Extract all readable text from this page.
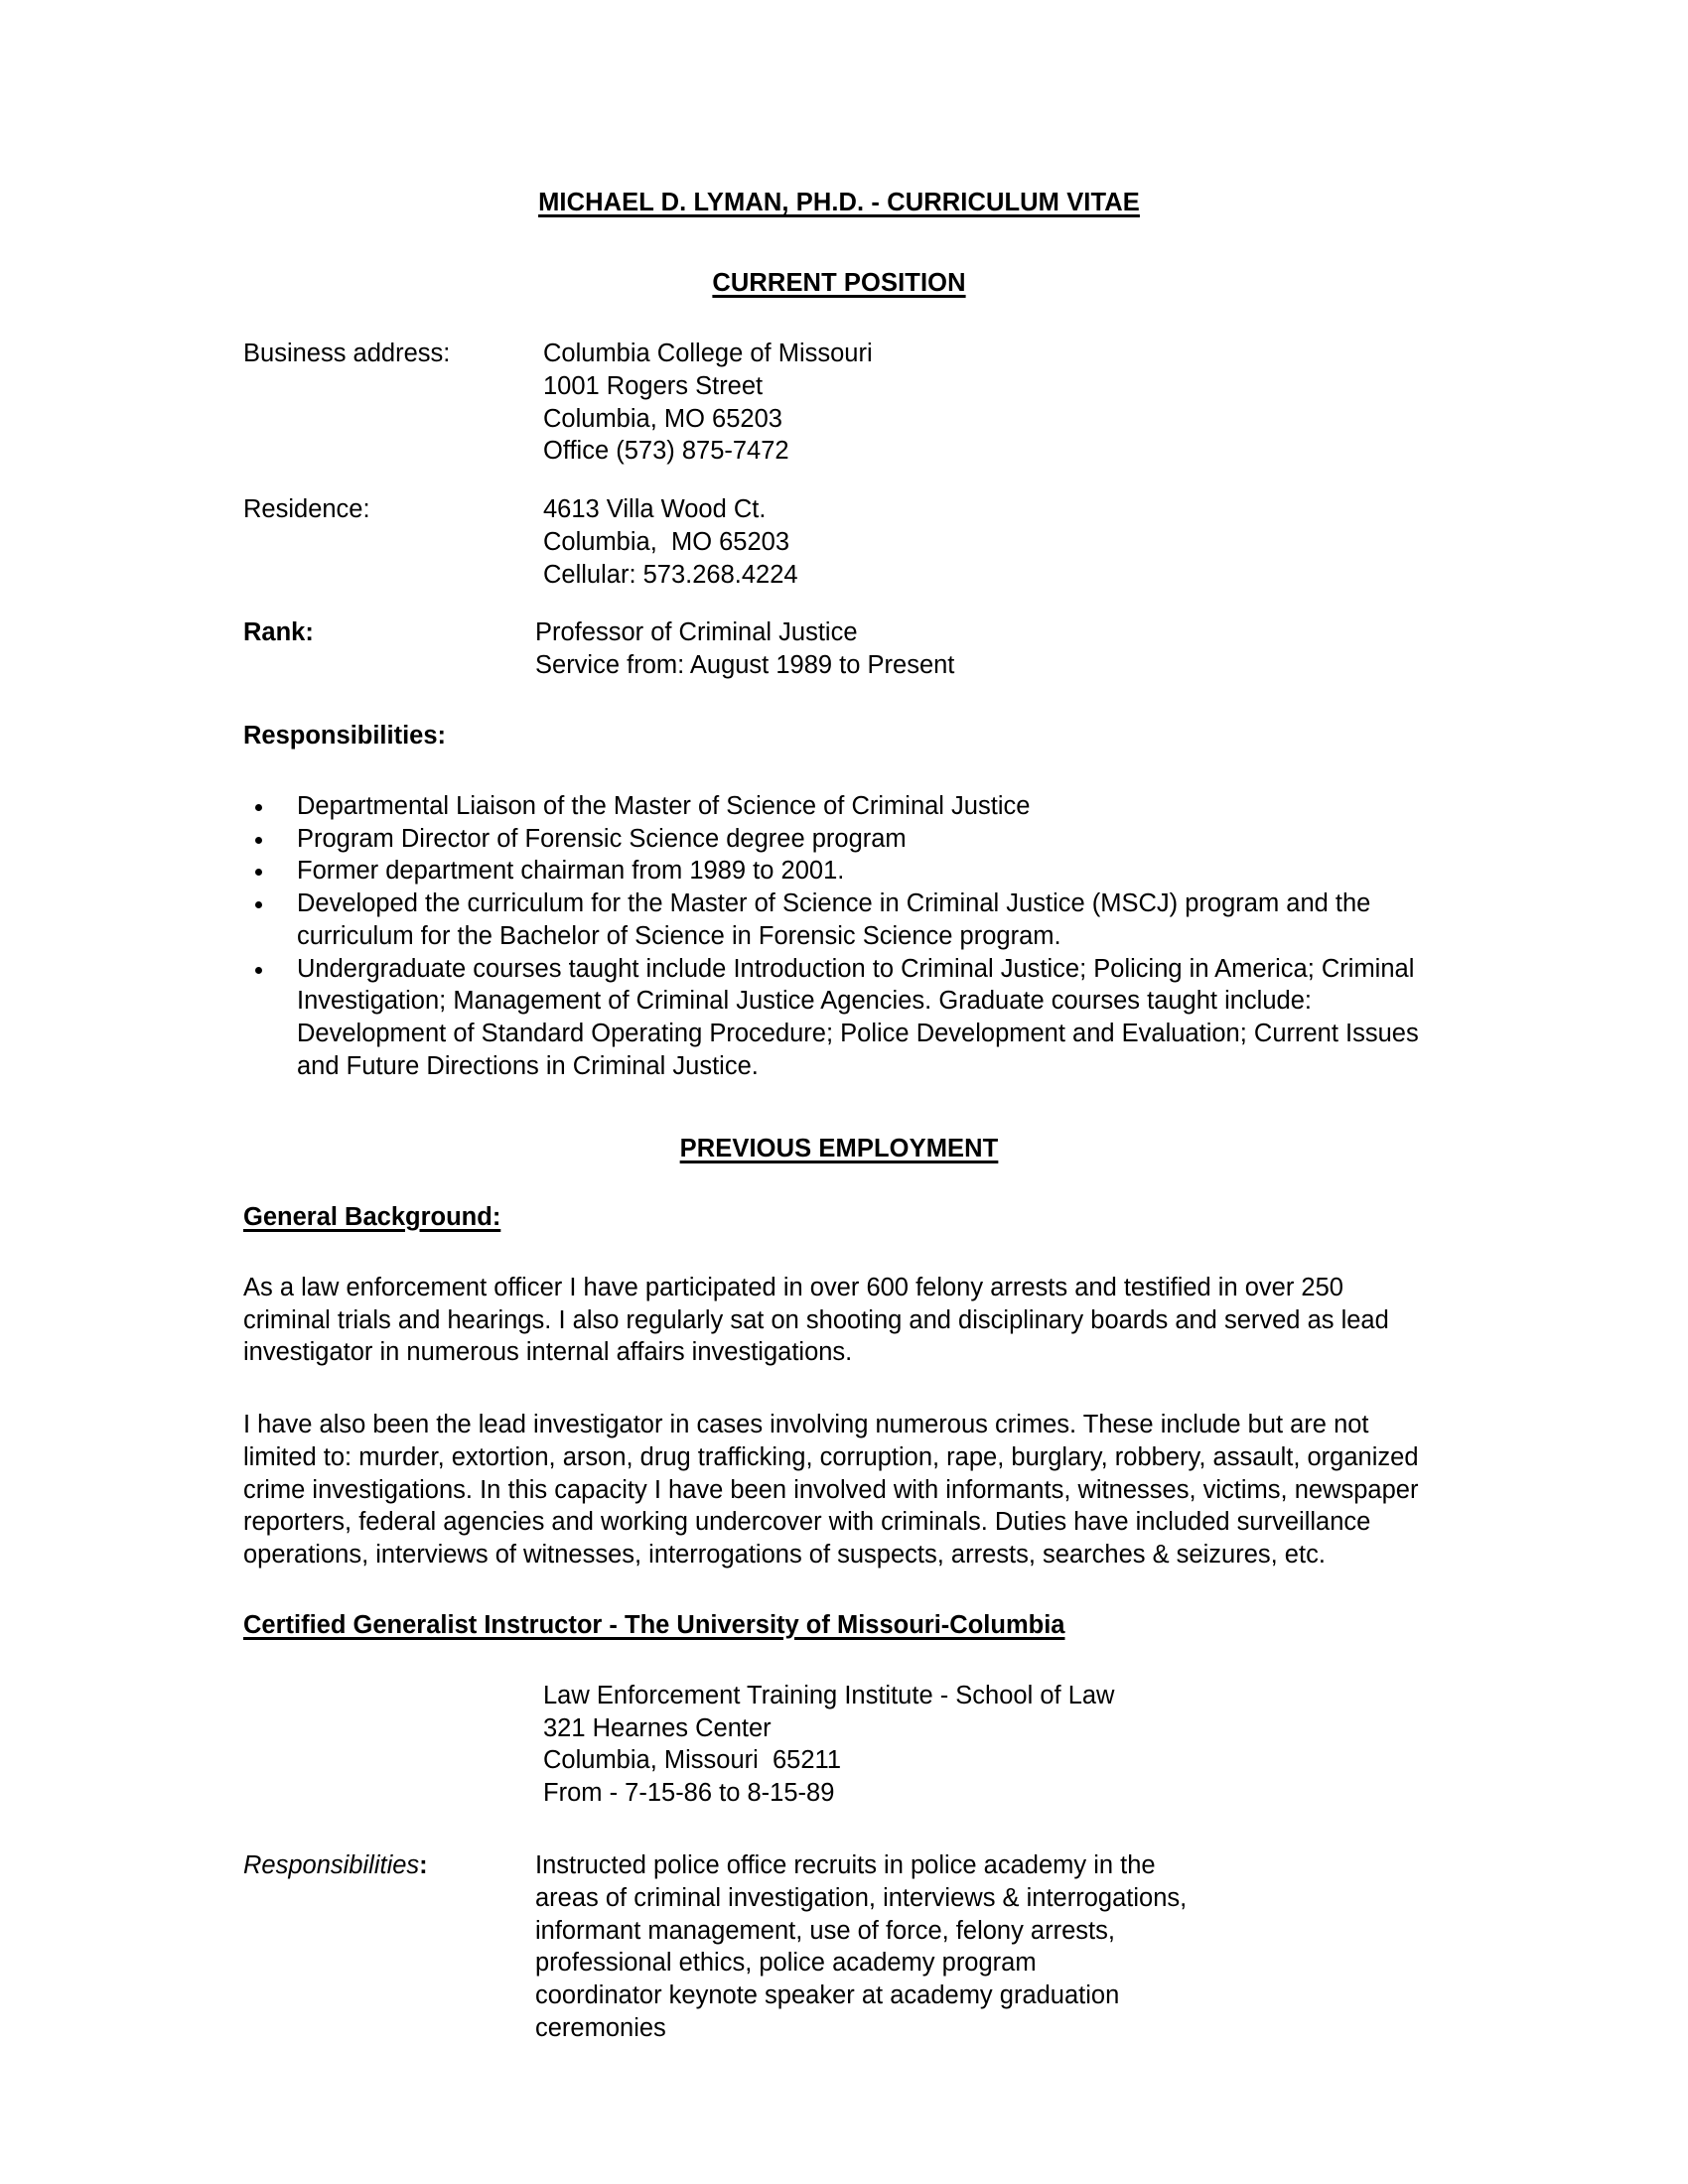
MICHAEL D. LYMAN, PH.D. - CURRICULUM VITAE
CURRENT POSITION
Business address:	Columbia College of Missouri
1001 Rogers Street
Columbia, MO 65203
Office (573) 875-7472
Residence:	4613 Villa Wood Ct.
Columbia,  MO 65203
Cellular: 573.268.4224
Rank:	Professor of Criminal Justice
Service from: August 1989 to Present
Responsibilities:
Departmental Liaison of the Master of Science of Criminal Justice
Program Director of Forensic Science degree program
Former department chairman from 1989 to 2001.
Developed the curriculum for the Master of Science in Criminal Justice (MSCJ) program and the curriculum for the Bachelor of Science in Forensic Science program.
Undergraduate courses taught include Introduction to Criminal Justice; Policing in America; Criminal Investigation; Management of Criminal Justice Agencies. Graduate courses taught include: Development of Standard Operating Procedure; Police Development and Evaluation; Current Issues and Future Directions in Criminal Justice.
PREVIOUS EMPLOYMENT
General Background:

As a law enforcement officer I have participated in over 600 felony arrests and testified in over 250 criminal trials and hearings. I also regularly sat on shooting and disciplinary boards and served as lead investigator in numerous internal affairs investigations.

I have also been the lead investigator in cases involving numerous crimes. These include but are not limited to: murder, extortion, arson, drug trafficking, corruption, rape, burglary, robbery, assault, organized crime investigations. In this capacity I have been involved with informants, witnesses, victims, newspaper reporters, federal agencies and working undercover with criminals. Duties have included surveillance operations, interviews of witnesses, interrogations of suspects, arrests, searches & seizures, etc.

Certified Generalist Instructor - The University of Missouri-Columbia
Law Enforcement Training Institute - School of Law
321 Hearnes Center
Columbia, Missouri  65211
From - 7-15-86 to 8-15-89
Responsibilities:	Instructed police office recruits in police academy in the
areas of criminal investigation, interviews & interrogations,
informant management, use of force, felony arrests,
professional ethics, police academy program
coordinator keynote speaker at academy graduation
ceremonies
